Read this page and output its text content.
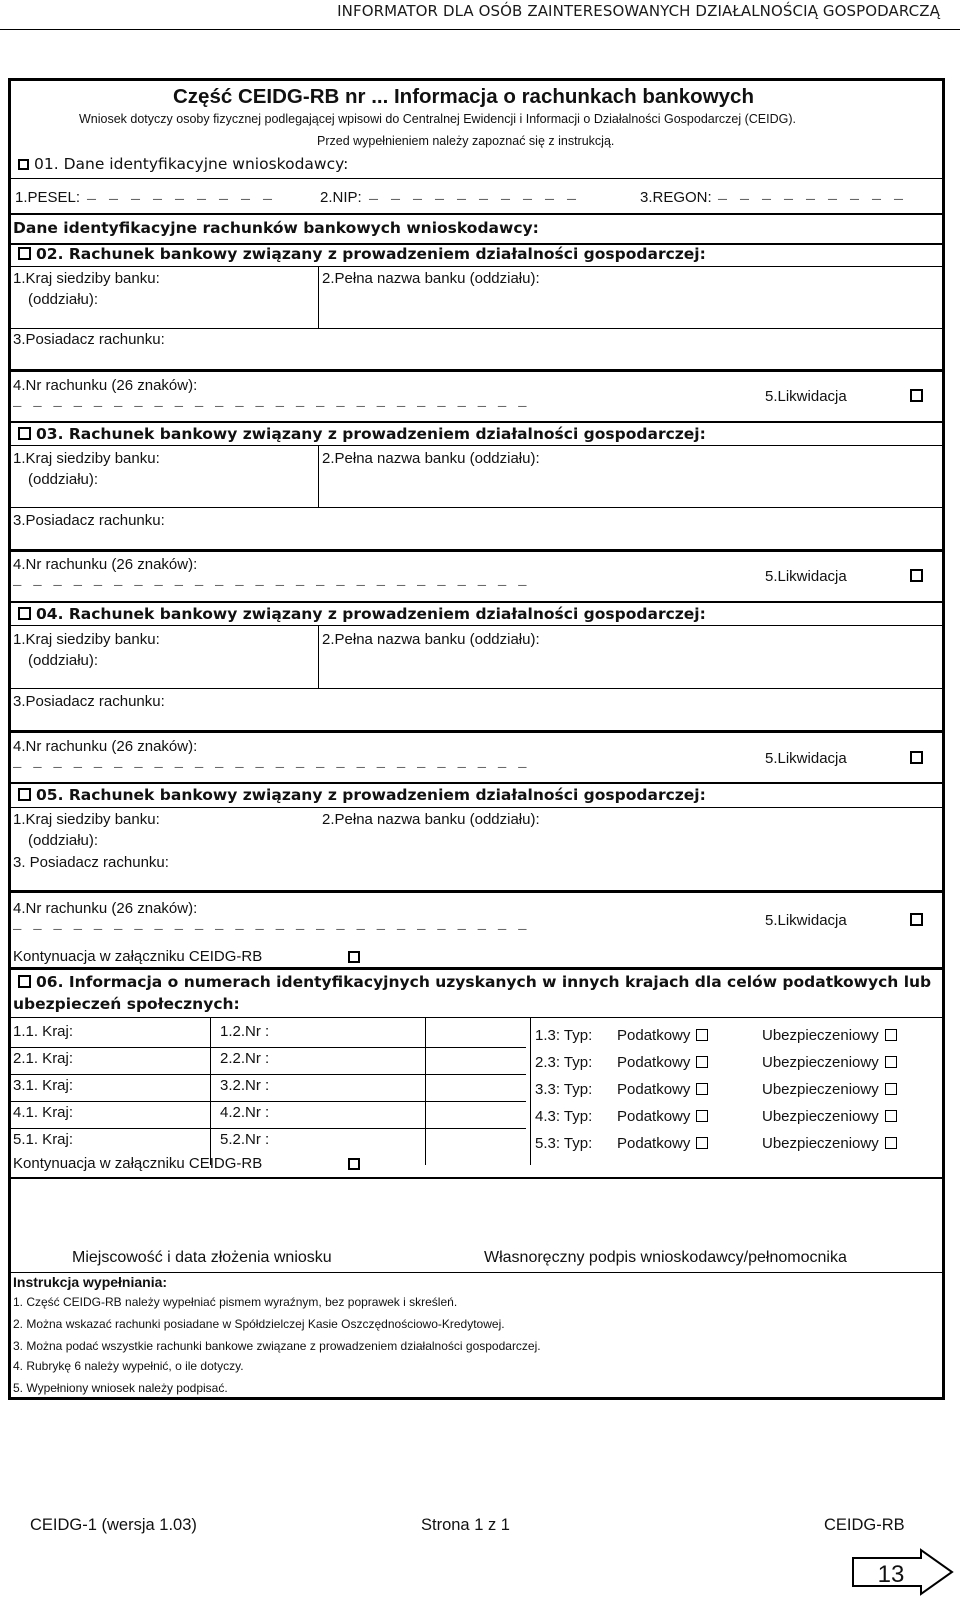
INFORMATOR DLA OSÓB ZAINTERESOWANYCH DZIAŁALNOŚCIĄ GOSPODARCZĄ
Część CEIDG-RB nr ... Informacja o rachunkach bankowych
Wniosek dotyczy osoby fizycznej podlegającej wpisowi do Centralnej Ewidencji i Informacji o Działalności Gospodarczej (CEIDG).
Przed wypełnieniem należy zapoznać się z instrukcją.
01. Dane identyfikacyjne wnioskodawcy:
1.PESEL: _ _ _ _ _ _ _ _ _	2.NIP: _ _ _ _ _ _ _ _ _ _	3.REGON: _ _ _ _ _ _ _ _ _
Dane identyfikacyjne rachunków bankowych wnioskodawcy:
02. Rachunek bankowy związany z prowadzeniem działalności gospodarczej:
1.Kraj siedziby banku:
(oddziału):
2.Pełna nazwa banku (oddziału):
3.Posiadacz rachunku:
4.Nr rachunku (26 znaków):
_ _ _ _ _ _ _ _ _ _ _ _ _ _ _ _ _ _ _ _ _ _ _ _ _ _	5.Likwidacja
03. Rachunek bankowy związany z prowadzeniem działalności gospodarczej:
1.Kraj siedziby banku:
(oddziału):
2.Pełna nazwa banku (oddziału):
3.Posiadacz rachunku:
4.Nr rachunku (26 znaków):
_ _ _ _ _ _ _ _ _ _ _ _ _ _ _ _ _ _ _ _ _ _ _ _ _ _	5.Likwidacja
04. Rachunek bankowy związany z prowadzeniem działalności gospodarczej:
1.Kraj siedziby banku:
(oddziału):
2.Pełna nazwa banku (oddziału):
3.Posiadacz rachunku:
4.Nr rachunku (26 znaków):
_ _ _ _ _ _ _ _ _ _ _ _ _ _ _ _ _ _ _ _ _ _ _ _ _ _	5.Likwidacja
05. Rachunek bankowy związany z prowadzeniem działalności gospodarczej:
1.Kraj siedziby banku:
(oddziału):
2.Pełna nazwa banku (oddziału):
3. Posiadacz rachunku:
4.Nr rachunku (26 znaków):
_ _ _ _ _ _ _ _ _ _ _ _ _ _ _ _ _ _ _ _ _ _ _ _ _ _	5.Likwidacja
Kontynuacja w załączniku CEIDG-RB
06. Informacja o numerach identyfikacyjnych uzyskanych w innych krajach dla celów podatkowych lub
ubezpieczeń społecznych:
1.1. Kraj:	1.2.Nr :	1.3: Typ: Podatkowy	Ubezpieczeniowy
2.1. Kraj:	2.2.Nr :	2.3: Typ: Podatkowy	Ubezpieczeniowy
3.1. Kraj:	3.2.Nr :	3.3: Typ: Podatkowy	Ubezpieczeniowy
4.1. Kraj:	4.2.Nr :	4.3: Typ: Podatkowy	Ubezpieczeniowy
5.1. Kraj:	5.2.Nr :	5.3: Typ: Podatkowy	Ubezpieczeniowy
Kontynuacja w załączniku CEIDG-RB
Miejscowość i data złożenia wniosku	Własnoręczny podpis wnioskodawcy/pełnomocnika
Instrukcja wypełniania:
1. Część CEIDG-RB należy wypełniać pismem wyraźnym, bez poprawek i skreśleń.
2. Można wskazać rachunki posiadane w Spółdzielczej Kasie Oszczędnościowo-Kredytowej.
3. Można podać wszystkie rachunki bankowe związane z prowadzeniem działalności gospodarczej.
4. Rubrykę 6 należy wypełnić, o ile dotyczy.
5. Wypełniony wniosek należy podpisać.
CEIDG-1 (wersja 1.03)	Strona 1 z 1	CEIDG-RB
13
